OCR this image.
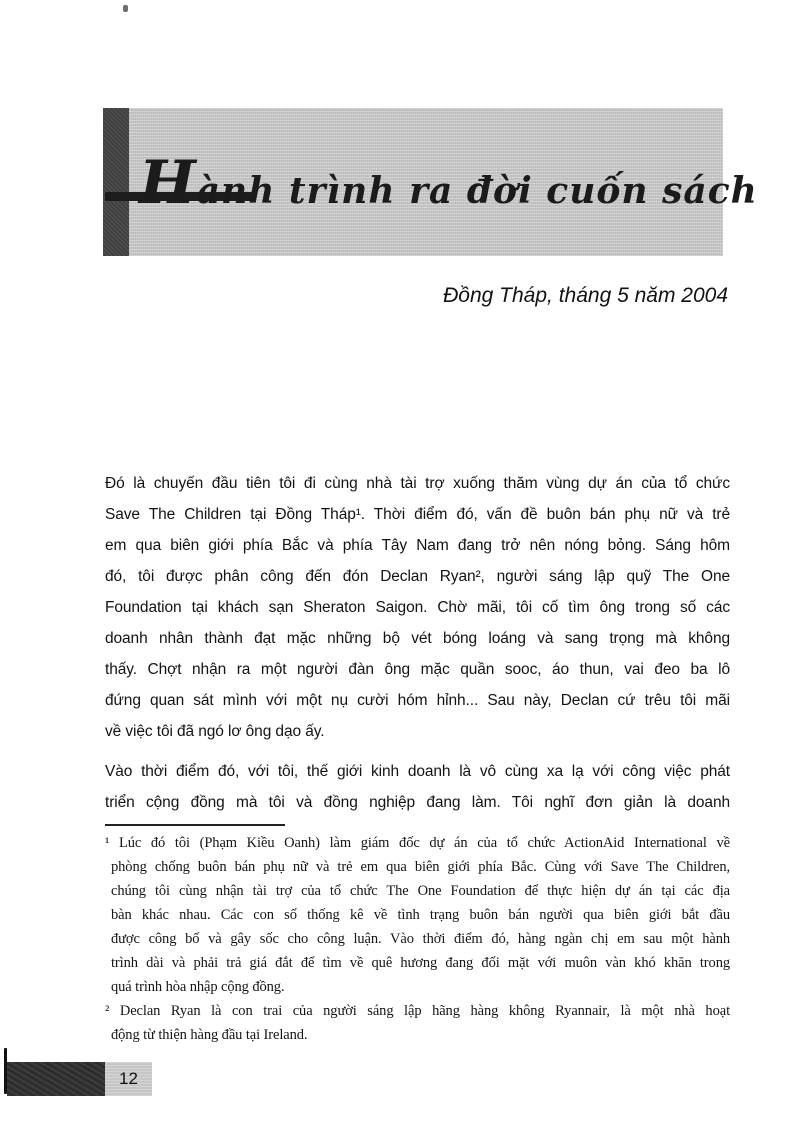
Hành trình ra đời cuốn sách
Đồng Tháp, tháng 5 năm 2004
Đó là chuyến đầu tiên tôi đi cùng nhà tài trợ xuống thăm vùng dự án của tổ chức
Save The Children tại Đồng Tháp¹. Thời điểm đó, vấn đề buôn bán phụ nữ và trẻ
em qua biên giới phía Bắc và phía Tây Nam đang trở nên nóng bỏng. Sáng hôm
đó, tôi được phân công đến đón Declan Ryan², người sáng lập quỹ The One
Foundation tại khách sạn Sheraton Saigon. Chờ mãi, tôi cố tìm ông trong số các
doanh nhân thành đạt mặc những bộ vét bóng loáng và sang trọng mà không
thấy. Chợt nhận ra một người đàn ông mặc quần sooc, áo thun, vai đeo ba lô
đứng quan sát mình với một nụ cười hóm hỉnh... Sau này, Declan cứ trêu tôi mãi
về việc tôi đã ngó lơ ông dạo ấy.
Vào thời điểm đó, với tôi, thế giới kinh doanh là vô cùng xa lạ với công việc phát
triển cộng đồng mà tôi và đồng nghiệp đang làm. Tôi nghĩ đơn giản là doanh
¹ Lúc đó tôi (Phạm Kiều Oanh) làm giám đốc dự án của tổ chức ActionAid International về
phòng chống buôn bán phụ nữ và trẻ em qua biên giới phía Bắc. Cùng với Save The Children,
chúng tôi cùng nhận tài trợ của tổ chức The One Foundation để thực hiện dự án tại các địa
bàn khác nhau. Các con số thống kê về tình trạng buôn bán người qua biên giới bắt đầu
được công bố và gây sốc cho công luận. Vào thời điểm đó, hàng ngàn chị em sau một hành
trình dài và phải trả giá đắt để tìm về quê hương đang đối mặt với muôn vàn khó khăn trong
quá trình hòa nhập cộng đồng.
² Declan Ryan là con trai của người sáng lập hãng hàng không Ryannair, là một nhà hoạt
động từ thiện hàng đầu tại Ireland.
12
